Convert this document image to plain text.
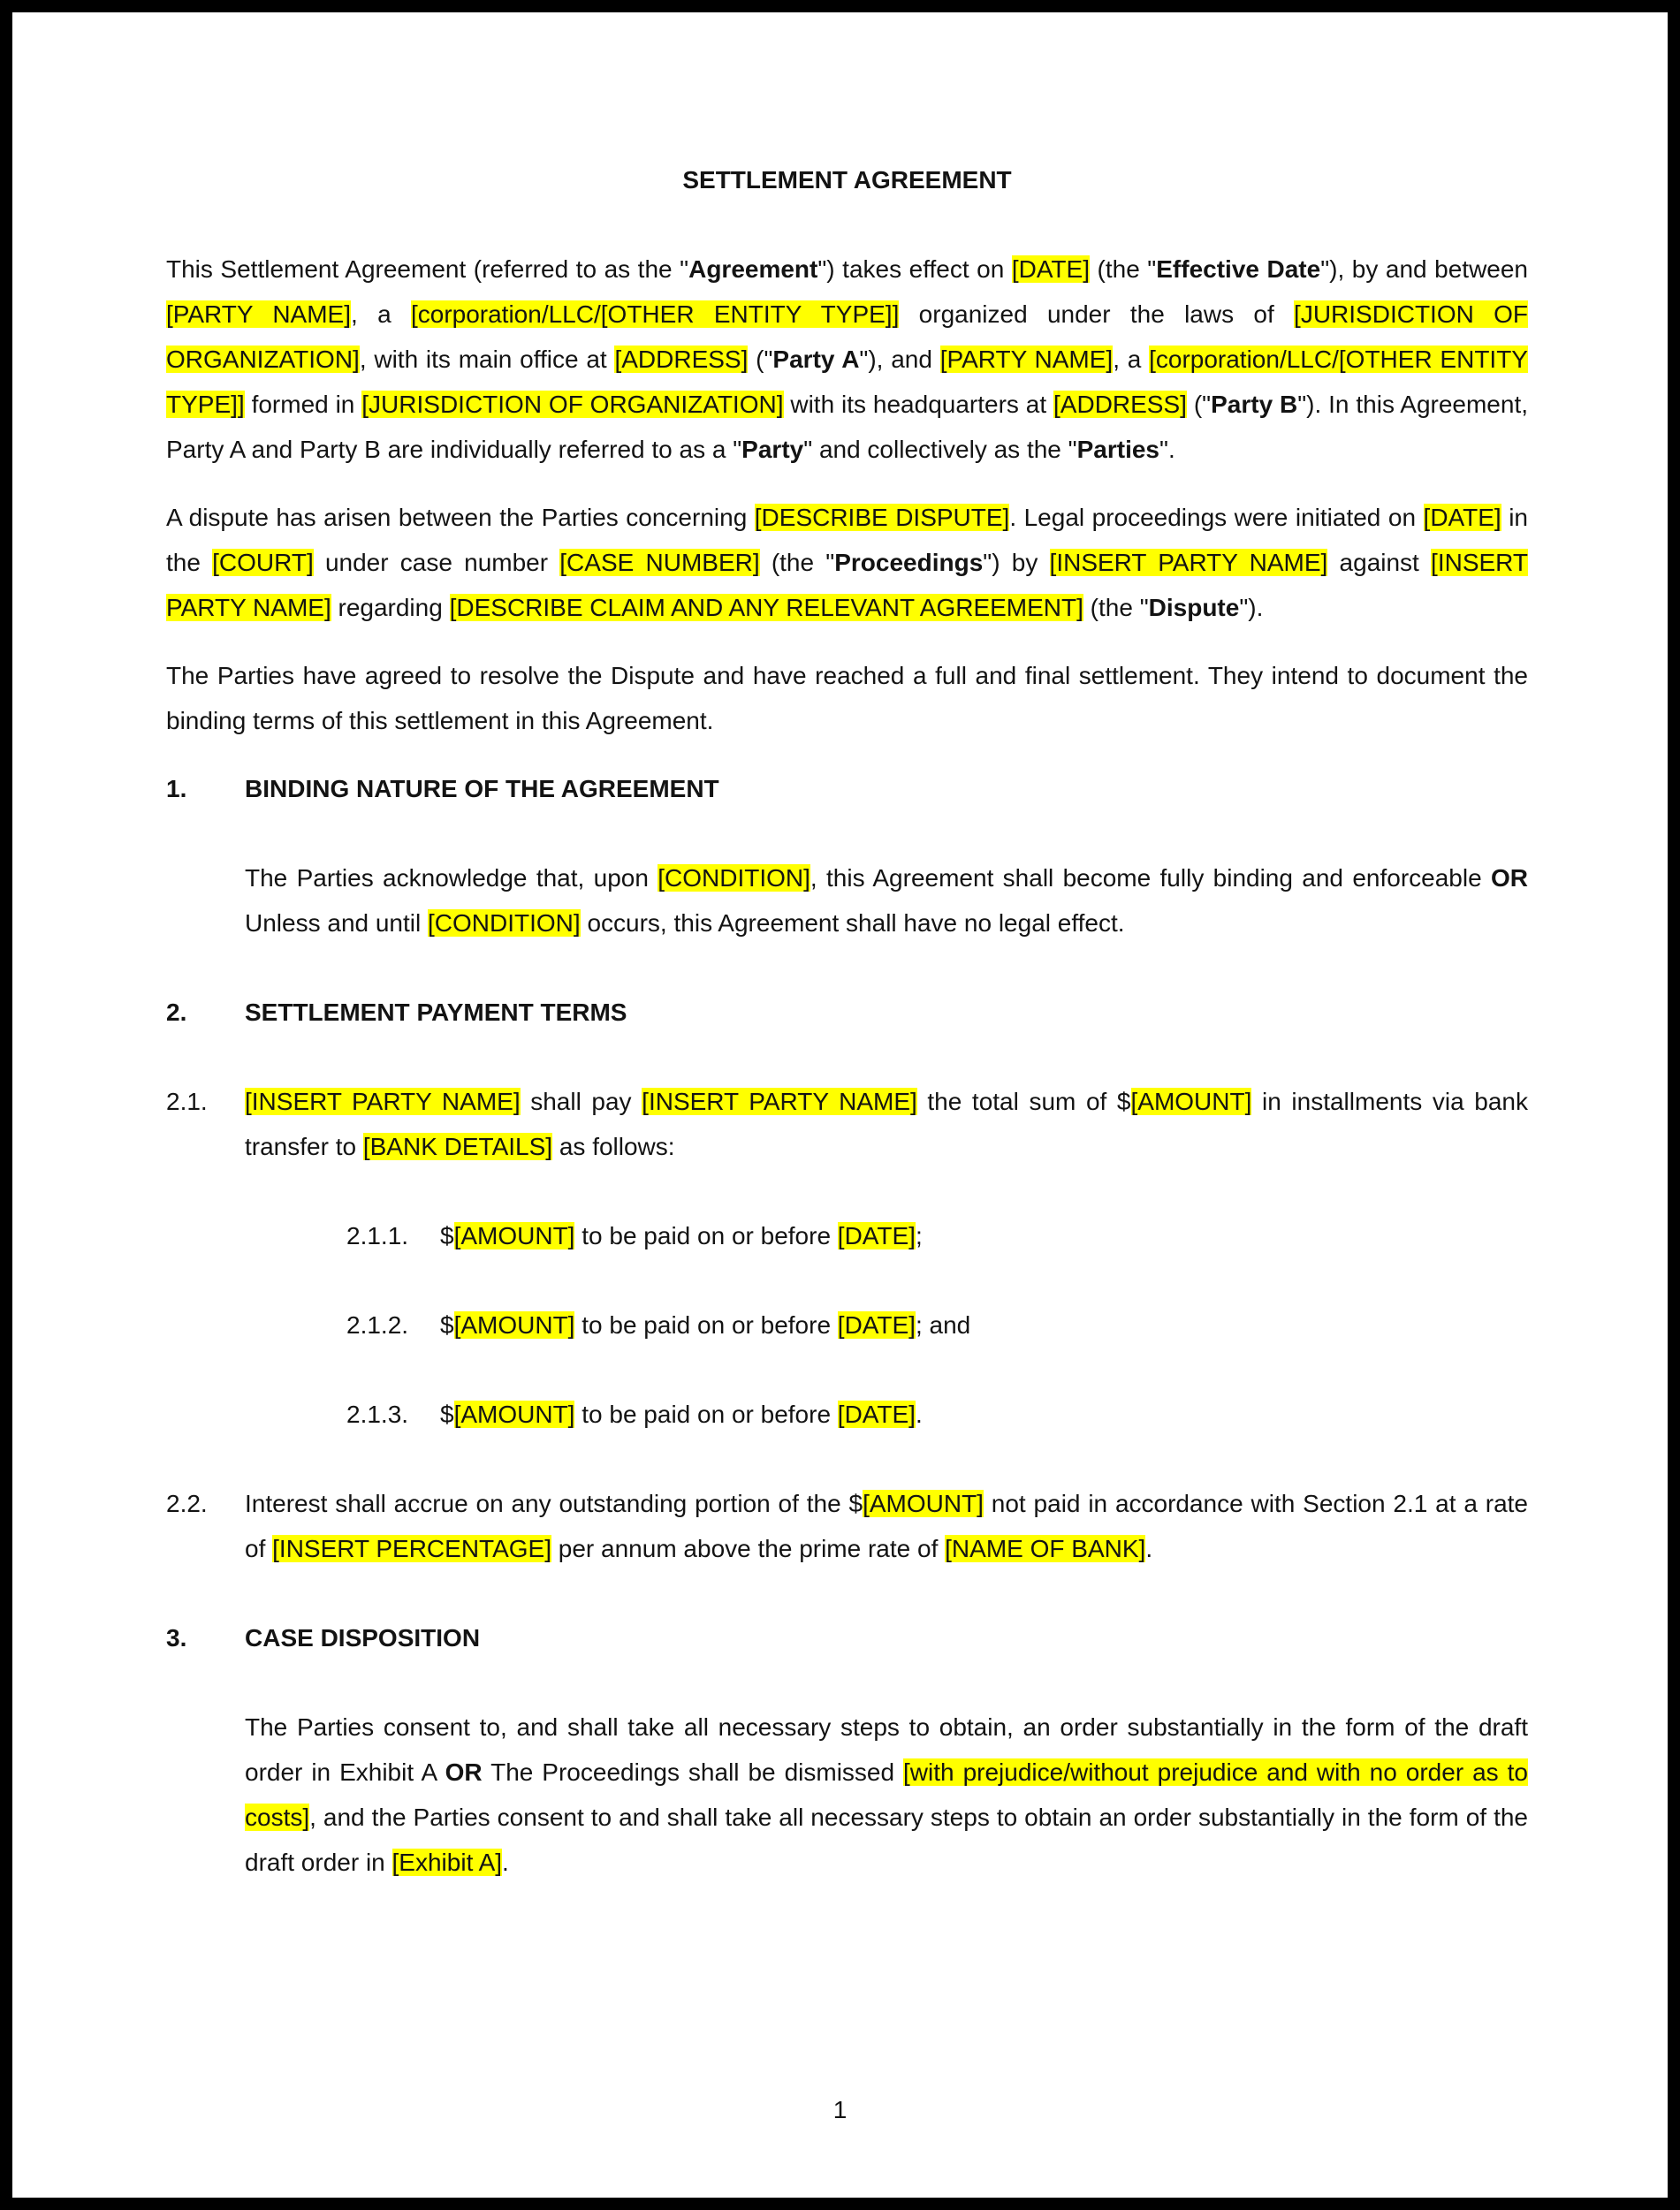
SETTLEMENT AGREEMENT

This Settlement Agreement (referred to as the "Agreement") takes effect on [DATE] (the "Effective Date"), by and between [PARTY NAME], a [corporation/LLC/[OTHER ENTITY TYPE]] organized under the laws of [JURISDICTION OF ORGANIZATION], with its main office at [ADDRESS] ("Party A"), and [PARTY NAME], a [corporation/LLC/[OTHER ENTITY TYPE]] formed in [JURISDICTION OF ORGANIZATION] with its headquarters at [ADDRESS] ("Party B"). In this Agreement, Party A and Party B are individually referred to as a "Party" and collectively as the "Parties".

A dispute has arisen between the Parties concerning [DESCRIBE DISPUTE]. Legal proceedings were initiated on [DATE] in the [COURT] under case number [CASE NUMBER] (the "Proceedings") by [INSERT PARTY NAME] against [INSERT PARTY NAME] regarding [DESCRIBE CLAIM AND ANY RELEVANT AGREEMENT] (the "Dispute").

The Parties have agreed to resolve the Dispute and have reached a full and final settlement. They intend to document the binding terms of this settlement in this Agreement.

1.	BINDING NATURE OF THE AGREEMENT

The Parties acknowledge that, upon [CONDITION], this Agreement shall become fully binding and enforceable OR Unless and until [CONDITION] occurs, this Agreement shall have no legal effect.

2.	SETTLEMENT PAYMENT TERMS
2.1.	[INSERT PARTY NAME] shall pay [INSERT PARTY NAME] the total sum of $[AMOUNT] in installments via bank transfer to [BANK DETAILS] as follows:
2.1.1.	$[AMOUNT] to be paid on or before [DATE];
2.1.2.	$[AMOUNT] to be paid on or before [DATE]; and
2.1.3.	$[AMOUNT] to be paid on or before [DATE].
2.2.	Interest shall accrue on any outstanding portion of the $[AMOUNT] not paid in accordance with Section 2.1 at a rate of [INSERT PERCENTAGE] per annum above the prime rate of [NAME OF BANK].
3.	CASE DISPOSITION

The Parties consent to, and shall take all necessary steps to obtain, an order substantially in the form of the draft order in Exhibit A OR The Proceedings shall be dismissed [with prejudice/without prejudice and with no order as to costs], and the Parties consent to and shall take all necessary steps to obtain an order substantially in the form of the draft order in [Exhibit A].

1
